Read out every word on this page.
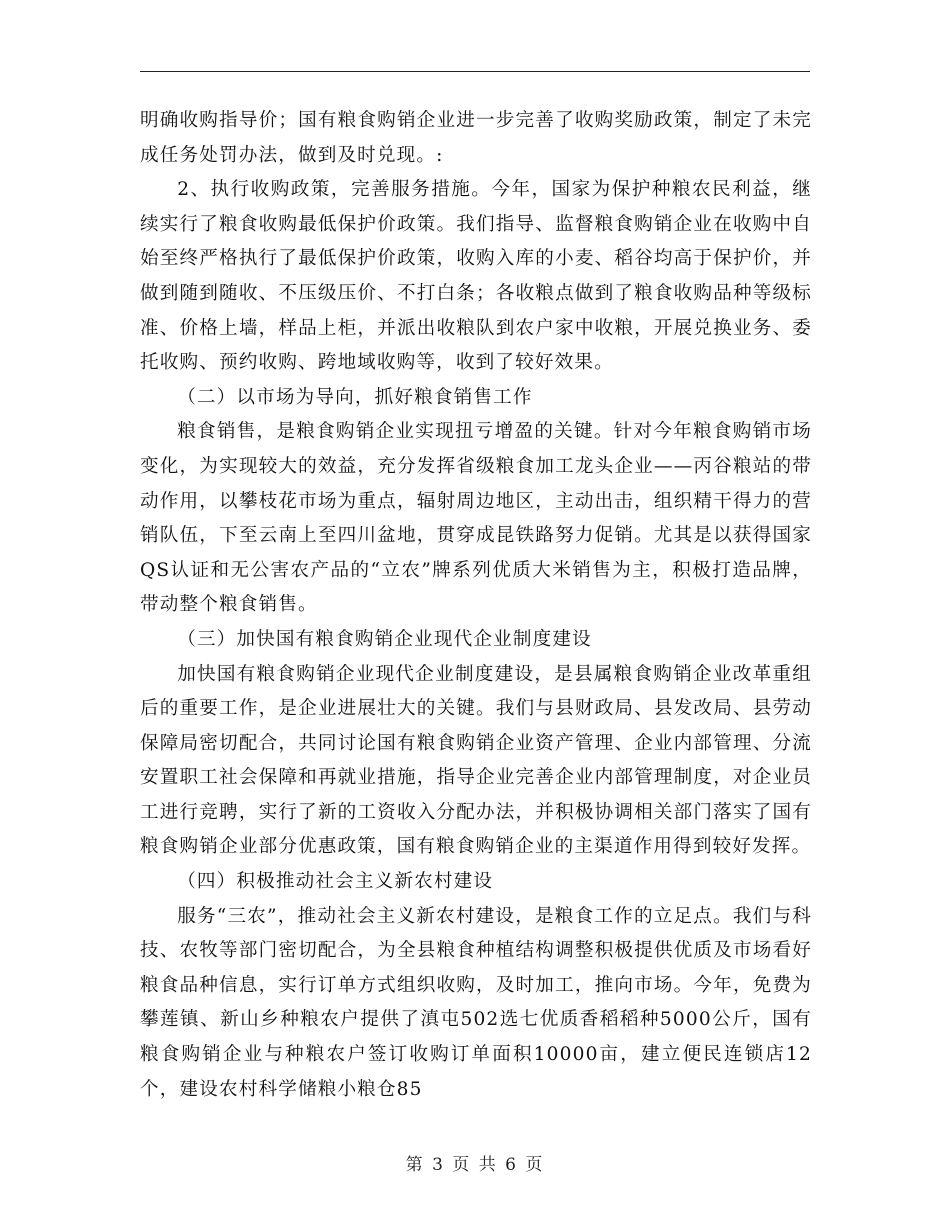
明确收购指导价；国有粮食购销企业进一步完善了收购奖励政策，制定了未完成任务处罚办法，做到及时兑现。:

2、执行收购政策，完善服务措施。今年，国家为保护种粮农民利益，继续实行了粮食收购最低保护价政策。我们指导、监督粮食购销企业在收购中自始至终严格执行了最低保护价政策，收购入库的小麦、稻谷均高于保护价，并做到随到随收、不压级压价、不打白条；各收粮点做到了粮食收购品种等级标准、价格上墙，样品上柜，并派出收粮队到农户家中收粮，开展兑换业务、委托收购、预约收购、跨地域收购等，收到了较好效果。

（二）以市场为导向，抓好粮食销售工作

粮食销售，是粮食购销企业实现扭亏增盈的关键。针对今年粮食购销市场变化，为实现较大的效益，充分发挥省级粮食加工龙头企业——丙谷粮站的带动作用，以攀枝花市场为重点，辐射周边地区，主动出击，组织精干得力的营销队伍，下至云南上至四川盆地，贯穿成昆铁路努力促销。尤其是以获得国家QS认证和无公害农产品的“立农”牌系列优质大米销售为主，积极打造品牌，带动整个粮食销售。

（三）加快国有粮食购销企业现代企业制度建设

加快国有粮食购销企业现代企业制度建设，是县属粮食购销企业改革重组后的重要工作，是企业进展壮大的关键。我们与县财政局、县发改局、县劳动保障局密切配合，共同讨论国有粮食购销企业资产管理、企业内部管理、分流安置职工社会保障和再就业措施，指导企业完善企业内部管理制度，对企业员工进行竞聘，实行了新的工资收入分配办法，并积极协调相关部门落实了国有粮食购销企业部分优惠政策，国有粮食购销企业的主渠道作用得到较好发挥。

（四）积极推动社会主义新农村建设

服务“三农”，推动社会主义新农村建设，是粮食工作的立足点。我们与科技、农牧等部门密切配合，为全县粮食种植结构调整积极提供优质及市场看好粮食品种信息，实行订单方式组织收购，及时加工，推向市场。今年，免费为攀莲镇、新山乡种粮农户提供了滇屯502选七优质香稻稻种5000公斤，国有粮食购销企业与种粮农户签订收购订单面积10000亩，建立便民连锁店12个，建设农村科学储粮小粮仓85

第 3 页 共 6 页
